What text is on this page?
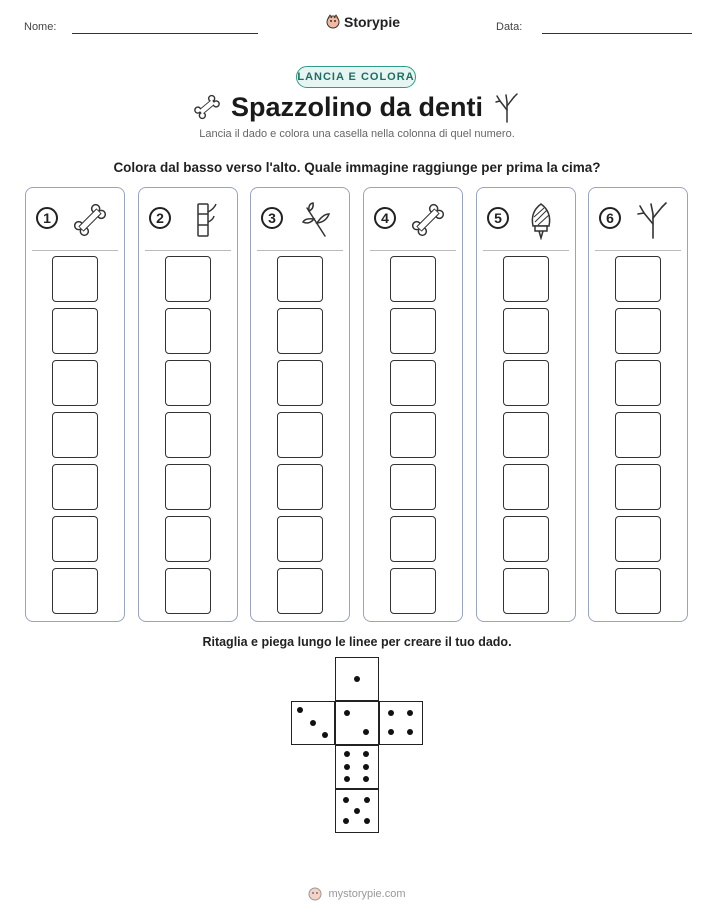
Nome:	Storypie	Data:
LANCIA E COLORA
Spazzolino da denti
Lancia il dado e colora una casella nella colonna di quel numero.
Colora dal basso verso l'alto. Quale immagine raggiunge per prima la cima?
1	2	3	4	5	6
Ritaglia e piega lungo le linee per creare il tuo dado.
mystorypie.com
